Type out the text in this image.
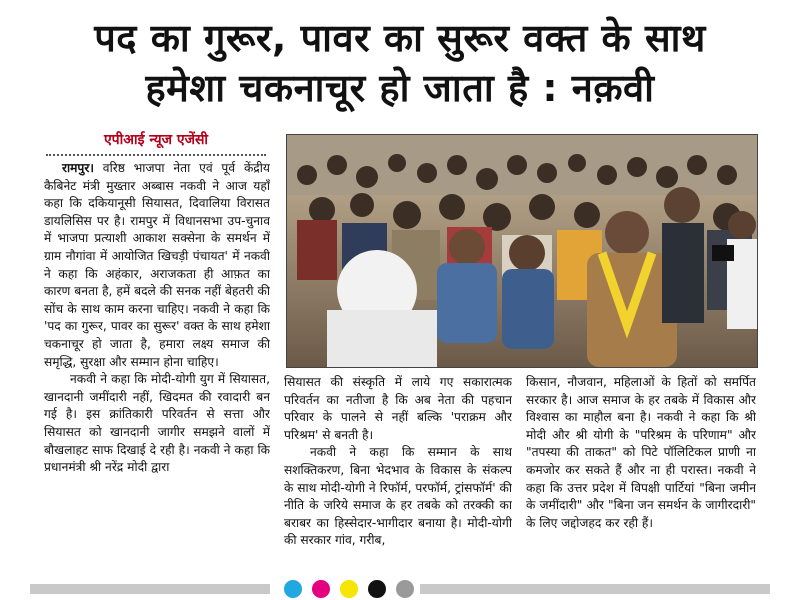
पद का गुरूर, पावर का सुरूर वक्त के साथ
हमेशा चकनाचूर हो जाता है : नक़वी
एपीआई न्यूज एजेंसी

रामपुर। वरिष्ठ भाजपा नेता एवं पूर्व केंद्रीय कैबिनेट मंत्री मुख्तार अब्बास नकवी ने आज यहाँ कहा कि दकियानूसी सियासत, दिवालिया विरासत डायलिसिस पर है। रामपुर में विधानसभा उप-चुनाव में भाजपा प्रत्याशी आकाश सक्सेना के समर्थन में ग्राम नौगांवा में आयोजित खिचड़ी पंचायत' में नकवी ने कहा कि अहंकार, अराजकता ही आफ़त का कारण बनता है, हमें बदले की सनक नहीं बेहतरी की सोंच के साथ काम करना चाहिए। नकवी ने कहा कि 'पद का गुरूर, पावर का सुरूर' वक्त के साथ हमेशा चकनाचूर हो जाता है, हमारा लक्ष्य समाज की समृद्धि, सुरक्षा और सम्मान होना चाहिए।

नकवी ने कहा कि मोदी-योगी युग में सियासत, खानदानी जमींदारी नहीं, खिदमत की रवादारी बन गई है। इस क्रांतिकारी परिवर्तन से सत्ता और सियासत को खानदानी जागीर समझने वालों में बौखलाहट साफ दिखाई दे रही है। नकवी ने कहा कि प्रधानमंत्री श्री नरेंद्र मोदी द्वारा

सियासत की संस्कृति में लाये गए सकारात्मक परिवर्तन का नतीजा है कि अब नेता की पहचान परिवार के पालने से नहीं बल्कि 'पराक्रम और परिश्रम' से बनती है।

नकवी ने कहा कि सम्मान के साथ सशक्तिकरण, बिना भेदभाव के विकास के संकल्प के साथ मोदी-योगी ने रिफॉर्म, परफॉर्म, ट्रांसफॉर्म' की नीति के जरिये समाज के हर तबके को तरक्की का बराबर का हिस्सेदार-भागीदार बनाया है। मोदी-योगी की सरकार गांव, गरीब,

किसान, नौजवान, महिलाओं के हितों को समर्पित सरकार है। आज समाज के हर तबके में विकास और विश्वास का माहौल बना है। नकवी ने कहा कि श्री मोदी और श्री योगी के "परिश्रम के परिणाम" और "तपस्या की ताकत" को पिटे पॉलिटिकल प्राणी ना कमजोर कर सकते हैं और ना ही परास्त। नकवी ने कहा कि उत्तर प्रदेश में विपक्षी पार्टियां "बिना जमीन के जमींदारी" और "बिना जन समर्थन के जागीरदारी" के लिए जद्दोजहद कर रही हैं।
